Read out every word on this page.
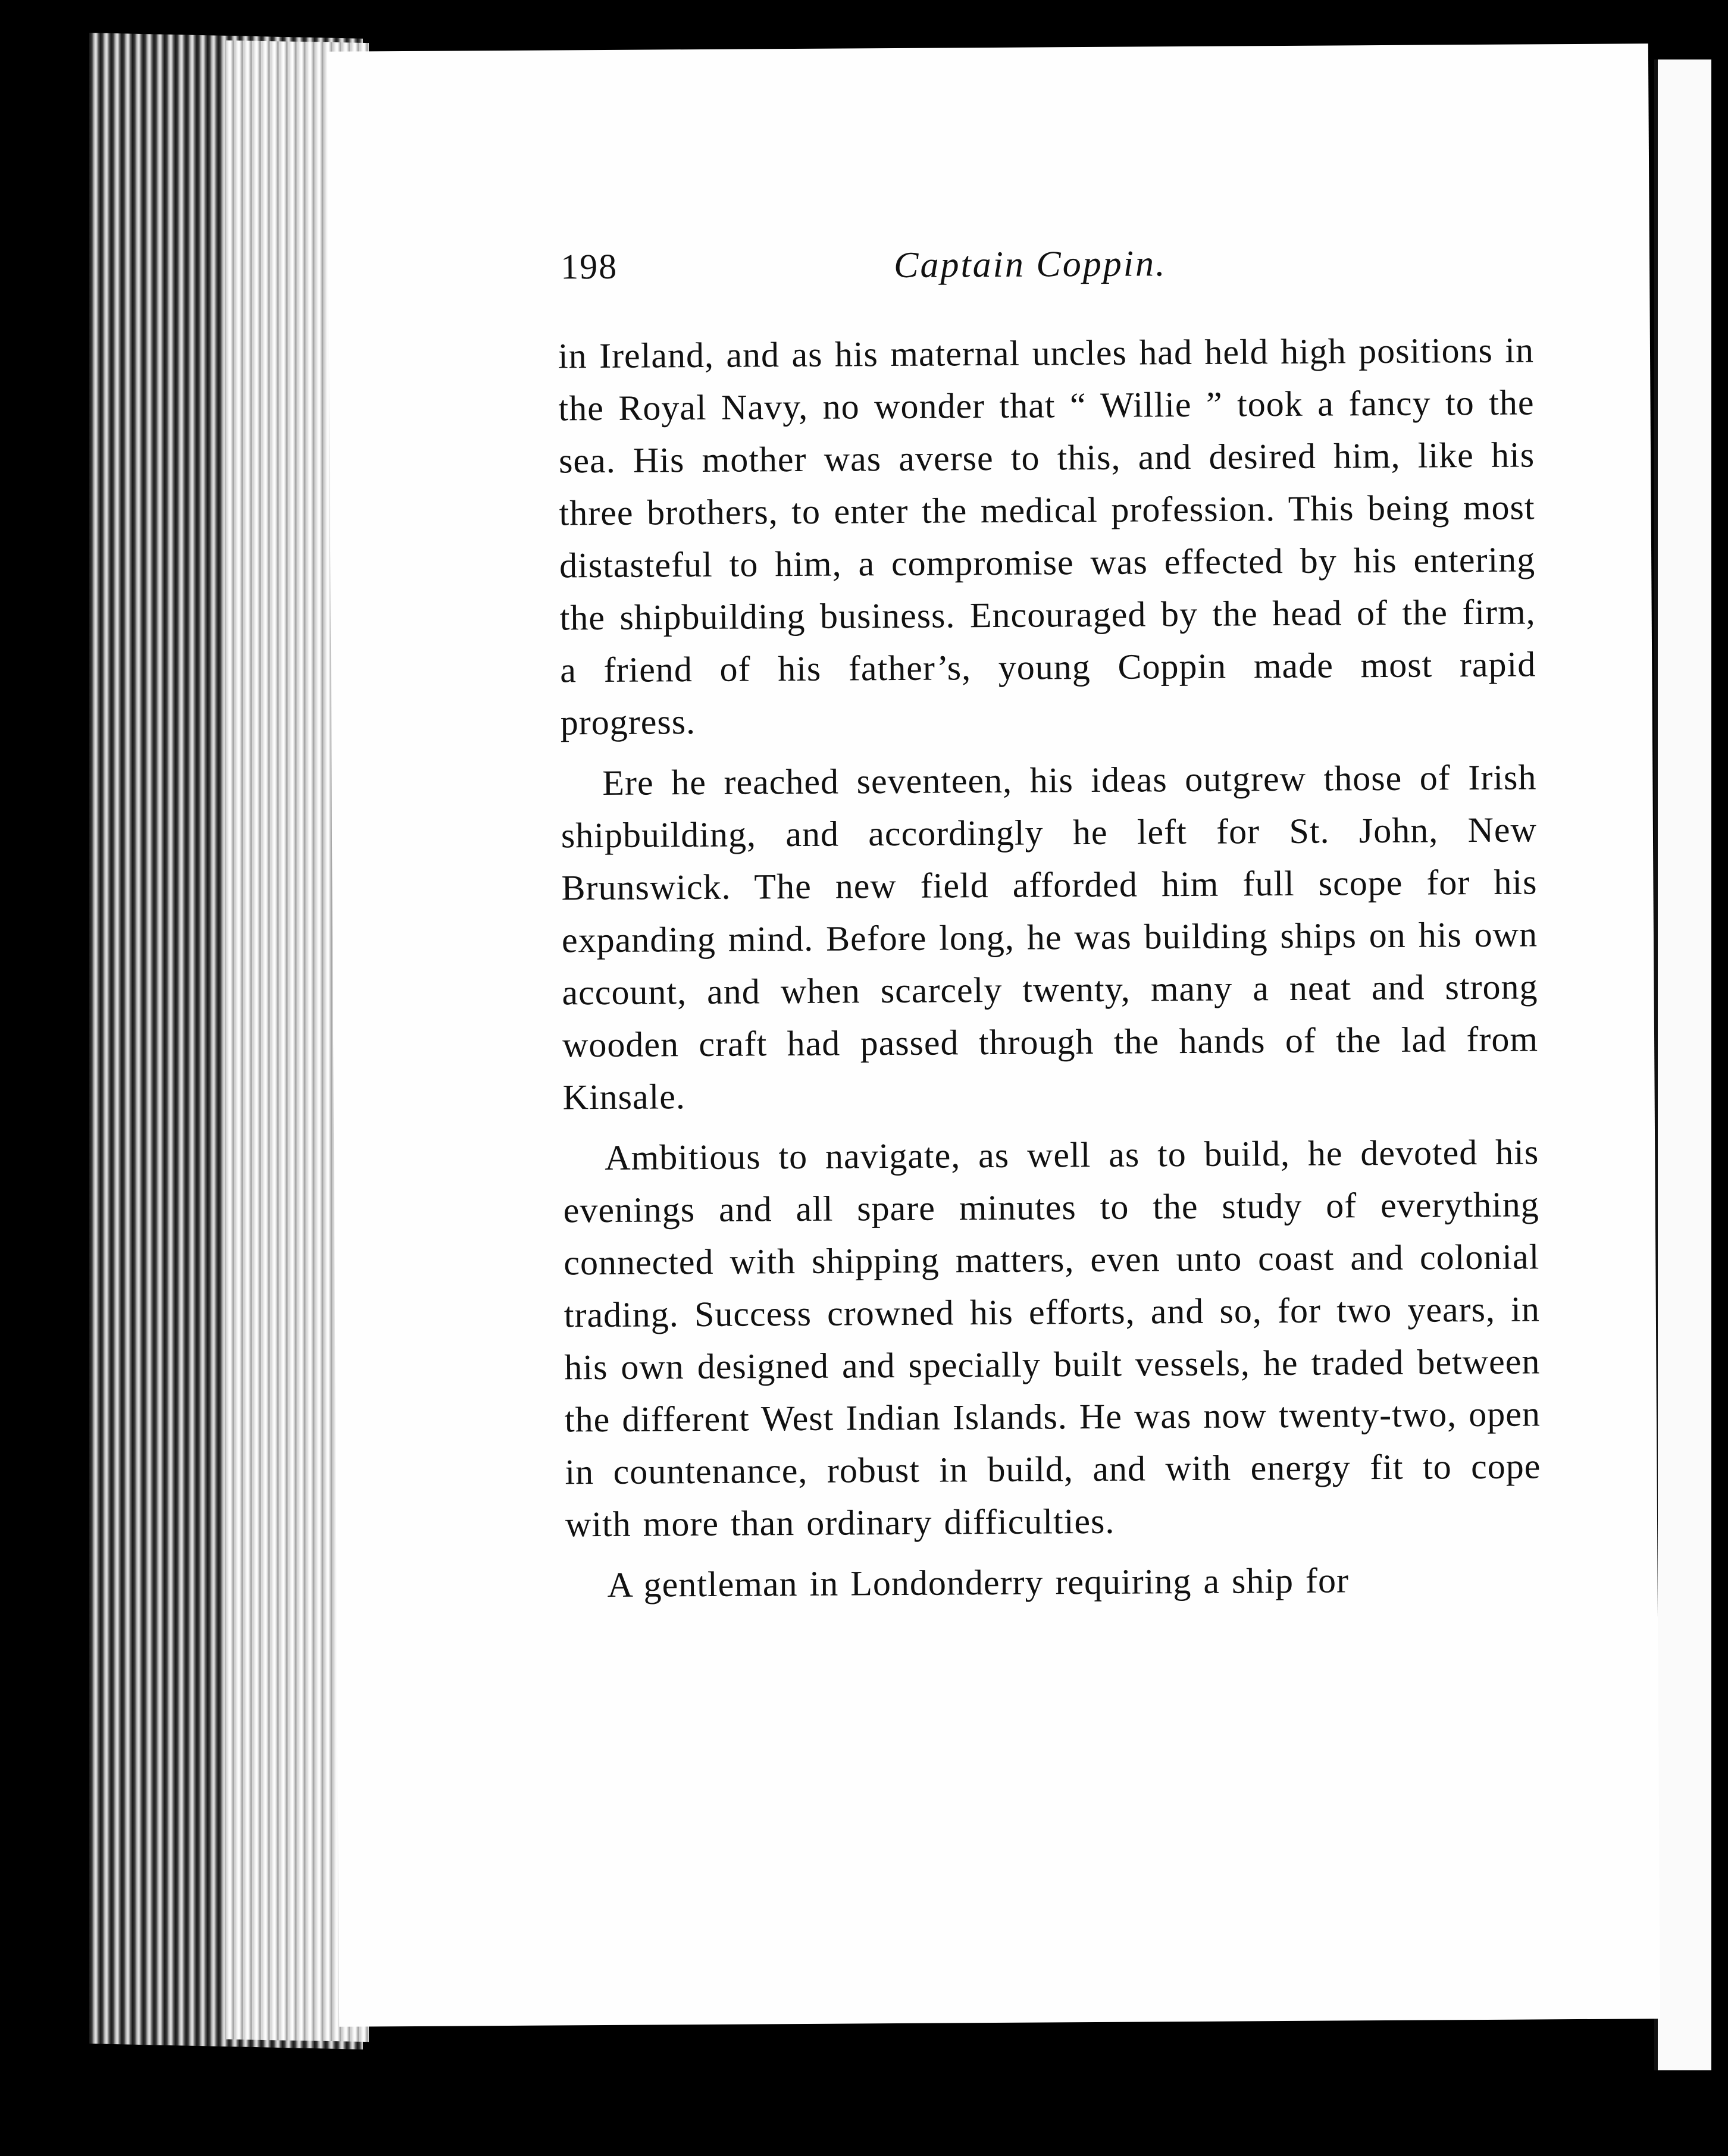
198	Captain Coppin.

in Ireland, and as his maternal uncles had held high positions in the Royal Navy, no wonder that “ Willie ” took a fancy to the sea. His mother was averse to this, and desired him, like his three brothers, to enter the medical profession. This being most distasteful to him, a compromise was effected by his entering the shipbuilding business. Encouraged by the head of the firm, a friend of his father’s, young Coppin made most rapid progress.

Ere he reached seventeen, his ideas outgrew those of Irish shipbuilding, and accordingly he left for St. John, New Brunswick. The new field afforded him full scope for his expanding mind. Before long, he was building ships on his own account, and when scarcely twenty, many a neat and strong wooden craft had passed through the hands of the lad from Kinsale.

Ambitious to navigate, as well as to build, he devoted his evenings and all spare minutes to the study of everything connected with shipping matters, even unto coast and colonial trading. Success crowned his efforts, and so, for two years, in his own designed and specially built vessels, he traded between the different West Indian Islands. He was now twenty-two, open in countenance, robust in build, and with energy fit to cope with more than ordinary difficulties.

A gentleman in Londonderry requiring a ship for
